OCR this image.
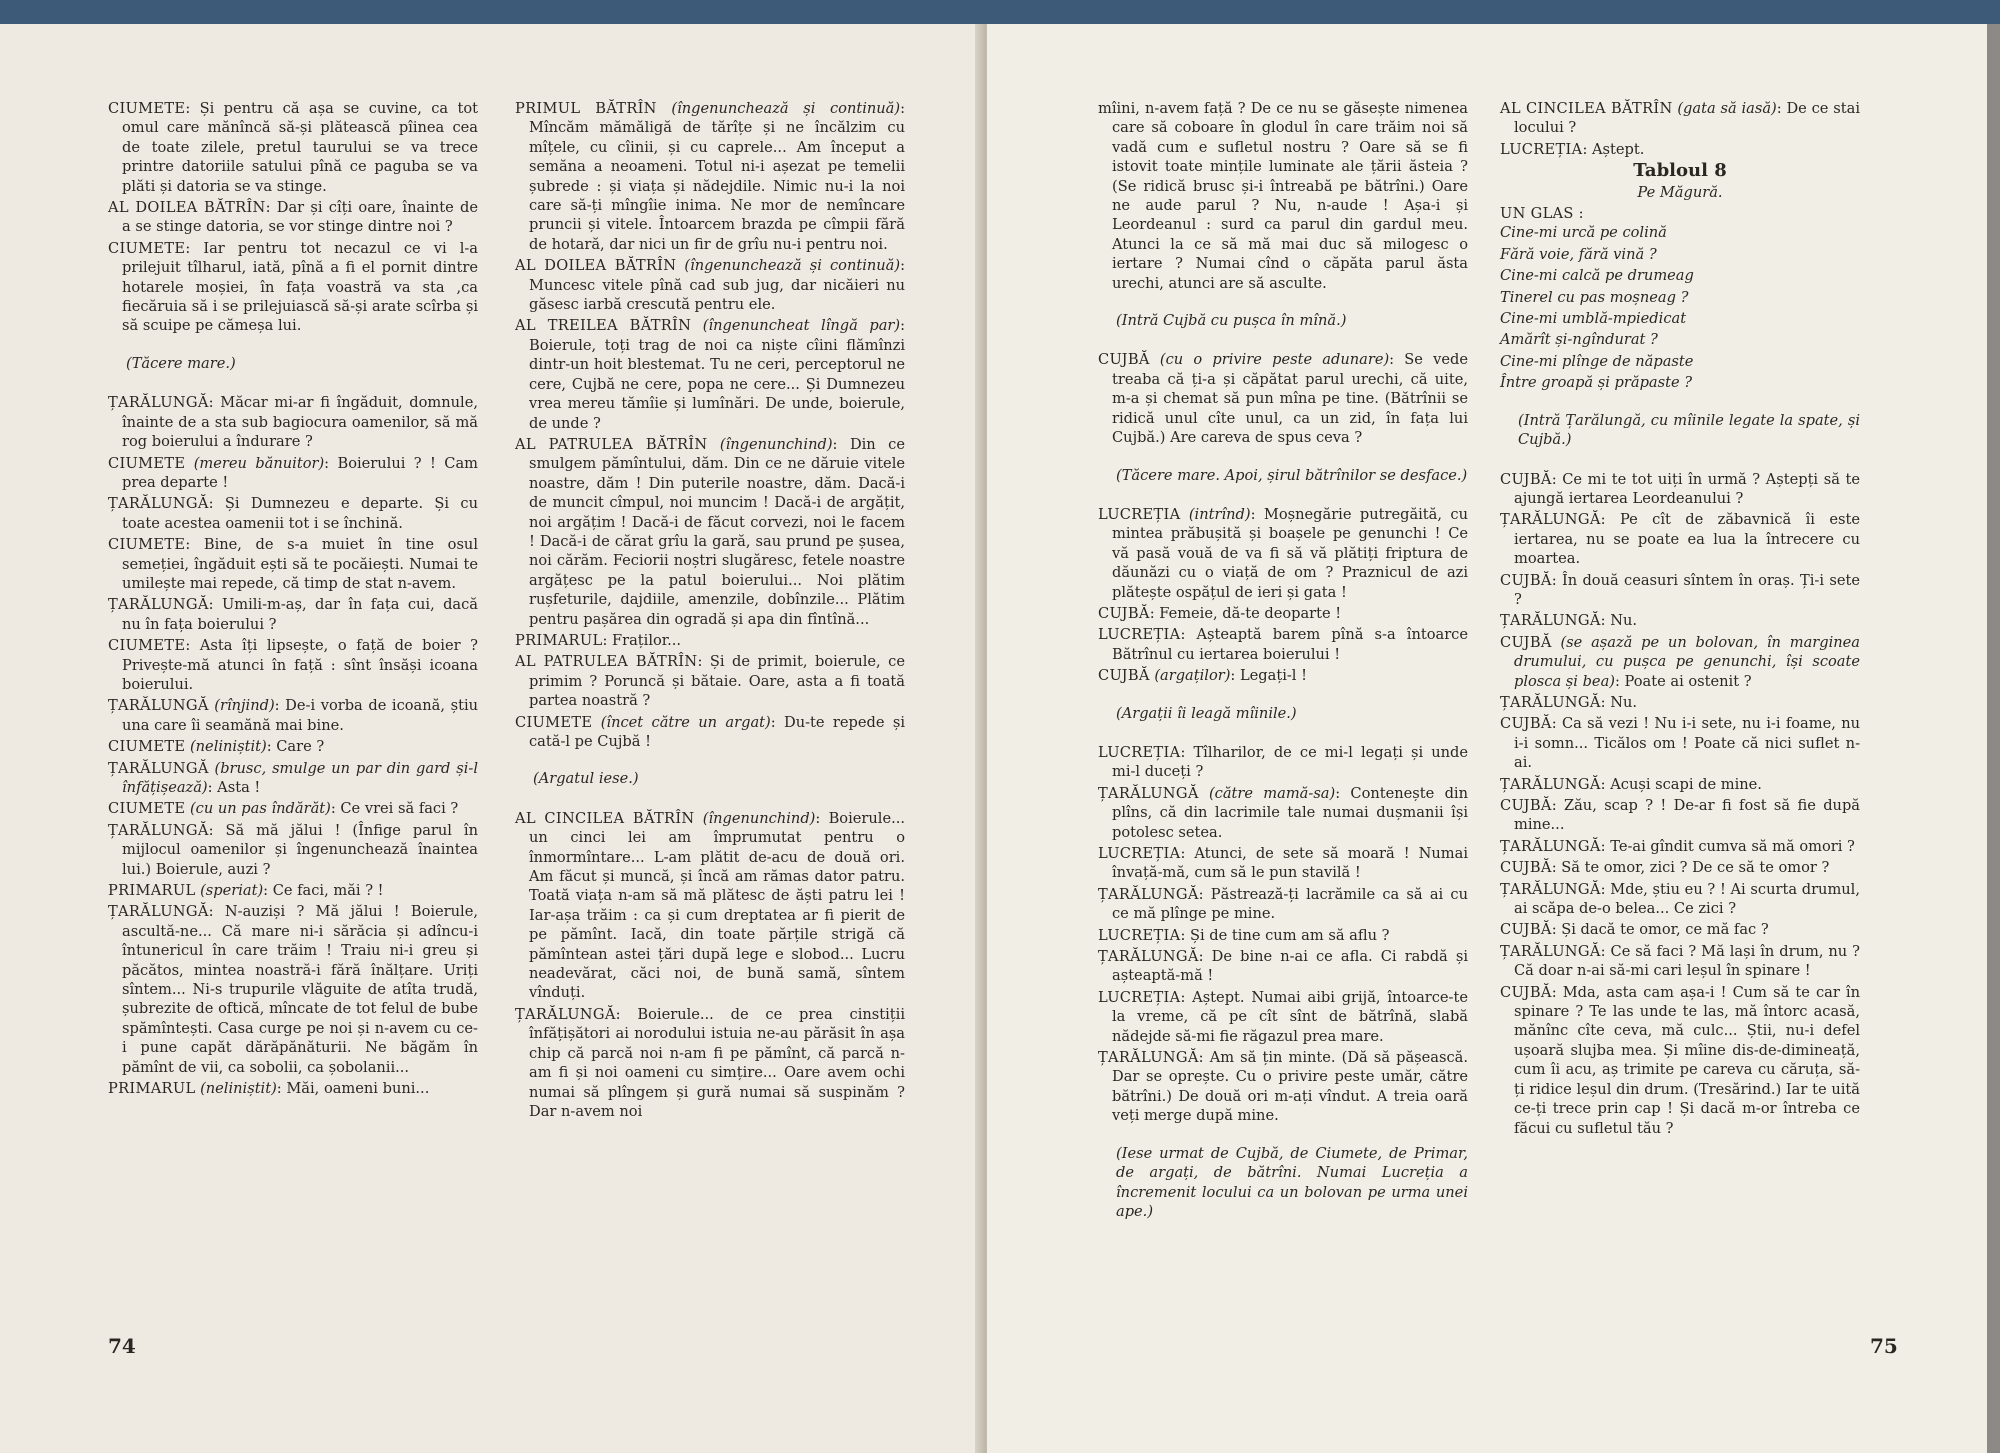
CIUMETE: Și pentru că așa se cuvine, ca tot omul care mănîncă să-și plătească pîinea cea de toate zilele, pretul taurului se va trece printre datoriile satului pînă ce paguba se va plăti și datoria se va stinge.

AL DOILEA BĂTRÎN: Dar și cîți oare, înainte de a se stinge datoria, se vor stinge dintre noi ?

CIUMETE: Iar pentru tot necazul ce vi l-a prilejuit tîlharul, iată, pînă a fi el pornit dintre hotarele moșiei, în fața voastră va sta ,ca fiecăruia să i se prilejuiască să-și arate scîrba și să scuipe pe cămeșa lui.

(Tăcere mare.)

ȚARĂLUNGĂ: Măcar mi-ar fi îngăduit, domnule, înainte de a sta sub bagiocura oamenilor, să mă rog boierului a îndurare ?

CIUMETE (mereu bănuitor): Boierului ? ! Cam prea departe !

ȚARĂLUNGĂ: Și Dumnezeu e departe. Și cu toate acestea oamenii tot i se închină.

CIUMETE: Bine, de s-a muiet în tine osul semeției, îngăduit ești să te pocăiești. Numai te umilește mai repede, că timp de stat n-avem.

ȚARĂLUNGĂ: Umili-m-aș, dar în fața cui, dacă nu în fața boierului ?

CIUMETE: Asta îți lipsește, o față de boier ? Privește-mă atunci în față : sînt însăși icoana boierului.

ȚARĂLUNGĂ (rînjind): De-i vorba de icoană, știu una care îi seamănă mai bine.

CIUMETE (neliniștit): Care ?

ȚARĂLUNGĂ (brusc, smulge un par din gard și-l înfățișează): Asta !

CIUMETE (cu un pas îndărăt): Ce vrei să faci ?

ȚARĂLUNGĂ: Să mă jălui ! (Înfige parul în mijlocul oamenilor și îngenunchează înaintea lui.) Boierule, auzi ?

PRIMARUL (speriat): Ce faci, măi ? !

ȚARĂLUNGĂ: N-auziși ? Mă jălui ! Boierule, ascultă-ne... Că mare ni-i sărăcia și adîncu-i întunericul în care trăim ! Traiu ni-i greu și păcătos, mintea noastră-i fără înălțare. Uriți sîntem... Ni-s trupurile vlăguite de atîta trudă, șubrezite de oftică, mîncate de tot felul de bube spămîntești. Casa curge pe noi și n-avem cu ce-i pune capăt dărăpănăturii. Ne băgăm în pămînt de vii, ca sobolii, ca șobolanii...

PRIMARUL (neliniștit): Măi, oameni buni...

PRIMUL BĂTRÎN (îngenunchează și continuă): Mîncăm mămăligă de tărîțe și ne încălzim cu mîțele, cu cîinii, și cu caprele... Am început a semăna a neoameni. Totul ni-i așezat pe temelii șubrede : și viața și nădejdile. Nimic nu-i la noi care să-ți mîngîie inima. Ne mor de nemîncare pruncii și vitele. Întoarcem brazda pe cîmpii fără de hotară, dar nici un fir de grîu nu-i pentru noi.

AL DOILEA BĂTRÎN (îngenunchează și continuă): Muncesc vitele pînă cad sub jug, dar nicăieri nu găsesc iarbă crescută pentru ele.

AL TREILEA BĂTRÎN (îngenuncheat lîngă par): Boierule, toți trag de noi ca niște cîini flămînzi dintr-un hoit blestemat. Tu ne ceri, perceptorul ne cere, Cujbă ne cere, popa ne cere... Și Dumnezeu vrea mereu tămîie și lumînări. De unde, boierule, de unde ?

AL PATRULEA BĂTRÎN (îngenunchind): Din ce smulgem pămîntului, dăm. Din ce ne dăruie vitele noastre, dăm ! Din puterile noastre, dăm. Dacă-i de muncit cîmpul, noi muncim ! Dacă-i de argățit, noi argățim ! Dacă-i de făcut corvezi, noi le facem ! Dacă-i de cărat grîu la gară, sau prund pe șusea, noi cărăm. Feciorii noștri slugăresc, fetele noastre argățesc pe la patul boierului... Noi plătim rușfeturile, dajdiile, amenzile, dobînzile... Plătim pentru pașărea din ogradă și apa din fîntînă...

PRIMARUL: Fraților...

AL PATRULEA BĂTRÎN: Și de primit, boierule, ce primim ? Poruncă și bătaie. Oare, asta a fi toată partea noastră ?

CIUMETE (încet către un argat): Du-te repede și cată-l pe Cujbă !

(Argatul iese.)

AL CINCILEA BĂTRÎN (îngenunchind): Boierule... un cinci lei am împrumutat pentru o înmormîntare... L-am plătit de-acu de două ori. Am făcut și muncă, și încă am rămas dator patru. Toată viața n-am să mă plătesc de ăști patru lei ! Iar-așa trăim : ca și cum dreptatea ar fi pierit de pe pămînt. Iacă, din toate părțile strigă că pămîntean astei țări după lege e slobod... Lucru neadevărat, căci noi, de bună samă, sîntem vînduți.

ȚARĂLUNGĂ: Boierule... de ce prea cinstiții înfățișători ai norodului istuia ne-au părăsit în așa chip că parcă noi n-am fi pe pămînt, că parcă n-am fi și noi oameni cu simțire... Oare avem ochi numai să plîngem și gură numai să suspinăm ? Dar n-avem noi

74

mîini, n-avem față ? De ce nu se găsește nimenea care să coboare în glodul în care trăim noi să vadă cum e sufletul nostru ? Oare să se fi istovit toate mințile luminate ale țării ăsteia ? (Se ridică brusc și-i întreabă pe bătrîni.) Oare ne aude parul ? Nu, n-aude ! Așa-i și Leordeanul : surd ca parul din gardul meu. Atunci la ce să mă mai duc să milogesc o iertare ? Numai cînd o căpăta parul ăsta urechi, atunci are să asculte.

(Intră Cujbă cu pușca în mînă.)

CUJBĂ (cu o privire peste adunare): Se vede treaba că ți-a și căpătat parul urechi, că uite, m-a și chemat să pun mîna pe tine. (Bătrînii se ridică unul cîte unul, ca un zid, în fața lui Cujbă.) Are careva de spus ceva ?

(Tăcere mare. Apoi, șirul bătrînilor se desface.)

LUCREȚIA (intrînd): Moșnegărie putregăită, cu mintea prăbușită și boașele pe genunchi ! Ce vă pasă vouă de va fi să vă plătiți friptura de dăunăzi cu o viață de om ? Praznicul de azi plătește ospățul de ieri și gata !

CUJBĂ: Femeie, dă-te deoparte !

LUCREȚIA: Așteaptă barem pînă s-a întoarce Bătrînul cu iertarea boierului !

CUJBĂ (argaților): Legați-l !

(Argații îi leagă mîinile.)

LUCREȚIA: Tîlharilor, de ce mi-l legați și unde mi-l duceți ?

ȚARĂLUNGĂ (către mamă-sa): Contenește din plîns, că din lacrimile tale numai dușmanii își potolesc setea.

LUCREȚIA: Atunci, de sete să moară ! Numai învață-mă, cum să le pun stavilă !

ȚARĂLUNGĂ: Păstrează-ți lacrămile ca să ai cu ce mă plînge pe mine.

LUCREȚIA: Și de tine cum am să aflu ?

ȚARĂLUNGĂ: De bine n-ai ce afla. Ci rabdă și așteaptă-mă !

LUCREȚIA: Aștept. Numai aibi grijă, întoarce-te la vreme, că pe cît sînt de bătrînă, slabă nădejde să-mi fie răgazul prea mare.

ȚARĂLUNGĂ: Am să țin minte. (Dă să pășească. Dar se oprește. Cu o privire peste umăr, către bătrîni.) De două ori m-ați vîndut. A treia oară veți merge după mine.

(Iese urmat de Cujbă, de Ciumete, de Primar, de argați, de bătrîni. Numai Lucreția a încremenit locului ca un bolovan pe urma unei ape.)

AL CINCILEA BĂTRÎN (gata să iasă): De ce stai locului ?

LUCREȚIA: Aștept.

Tabloul 8

Pe Măgură.

UN GLAS :

Cine-mi urcă pe colină

Fără voie, fără vină ?

Cine-mi calcă pe drumeag

Tinerel cu pas moșneag ?

Cine-mi umblă-mpiedicat

Amărît și-ngîndurat ?

Cine-mi plînge de năpaste

Între groapă și prăpaste ?

(Intră Țarălungă, cu mîinile legate la spate, și Cujbă.)

CUJBĂ: Ce mi te tot uiți în urmă ? Aștepți să te ajungă iertarea Leordeanului ?

ȚARĂLUNGĂ: Pe cît de zăbavnică îi este iertarea, nu se poate ea lua la întrecere cu moartea.

CUJBĂ: În două ceasuri sîntem în oraș. Ți-i sete ?

ȚARĂLUNGĂ: Nu.

CUJBĂ (se așază pe un bolovan, în marginea drumului, cu pușca pe genunchi, își scoate plosca și bea): Poate ai ostenit ?

ȚARĂLUNGĂ: Nu.

CUJBĂ: Ca să vezi ! Nu i-i sete, nu i-i foame, nu i-i somn... Ticălos om ! Poate că nici suflet n-ai.

ȚARĂLUNGĂ: Acuși scapi de mine.

CUJBĂ: Zău, scap ? ! De-ar fi fost să fie după mine...

ȚARĂLUNGĂ: Te-ai gîndit cumva să mă omori ?

CUJBĂ: Să te omor, zici ? De ce să te omor ?

ȚARĂLUNGĂ: Mde, știu eu ? ! Ai scurta drumul, ai scăpa de-o belea... Ce zici ?

CUJBĂ: Și dacă te omor, ce mă fac ?

ȚARĂLUNGĂ: Ce să faci ? Mă lași în drum, nu ? Că doar n-ai să-mi cari leșul în spinare !

CUJBĂ: Mda, asta cam așa-i ! Cum să te car în spinare ? Te las unde te las, mă întorc acasă, mănînc cîte ceva, mă culc... Știi, nu-i defel ușoară slujba mea. Și mîine dis-de-dimineață, cum îi acu, aș trimite pe careva cu căruța, să-ți ridice leșul din drum. (Tresărind.) Iar te uită ce-ți trece prin cap ! Și dacă m-or întreba ce făcui cu sufletul tău ?

75
